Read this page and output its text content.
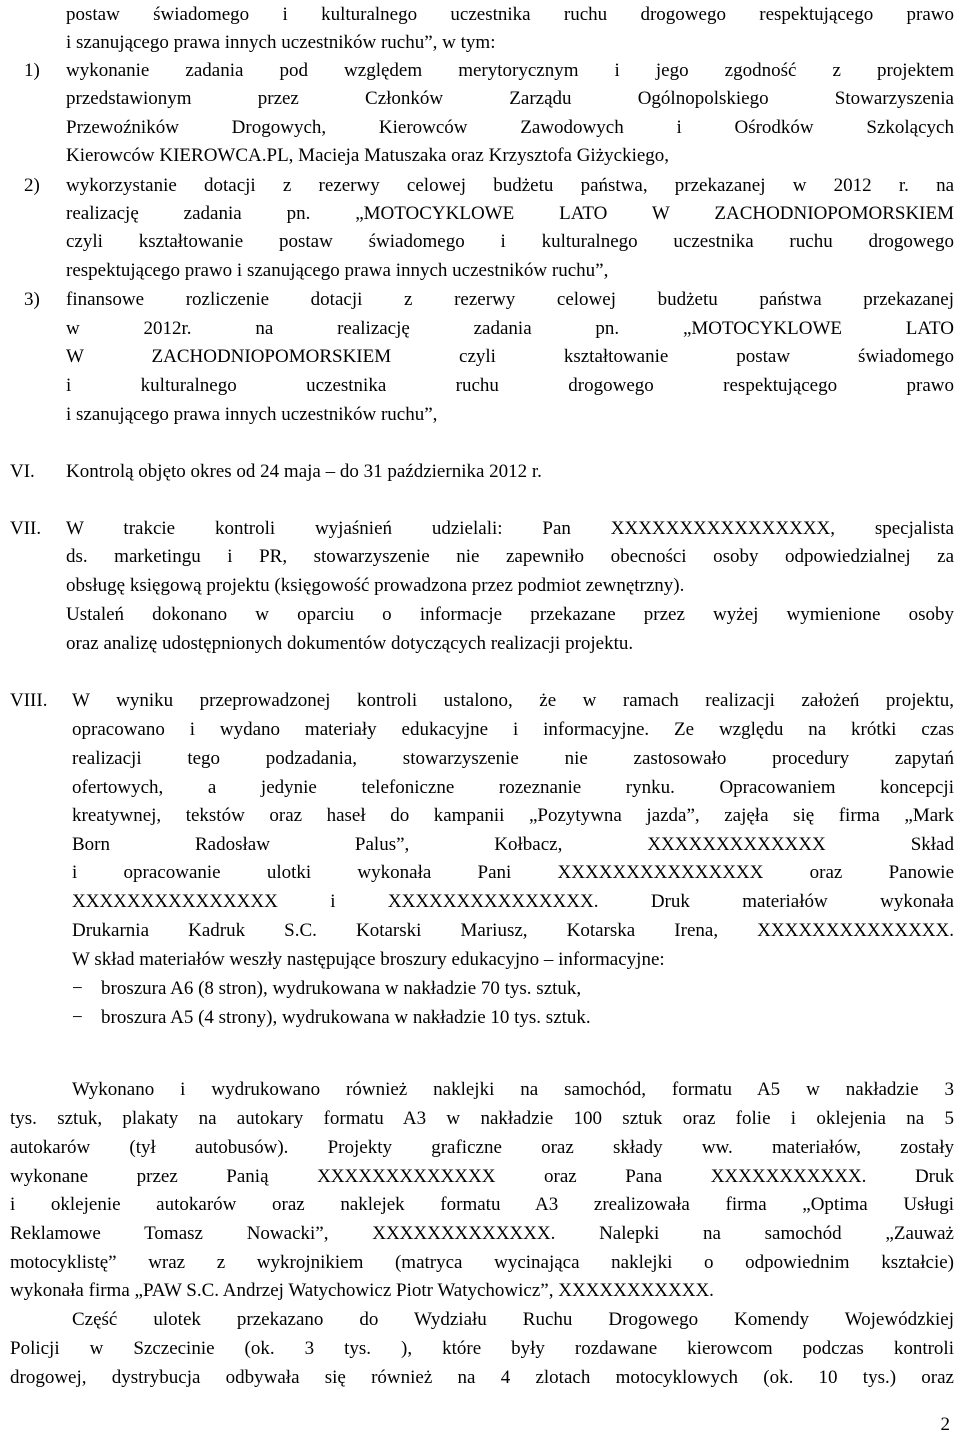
postaw świadomego i kulturalnego uczestnika ruchu drogowego respektującego prawo
i szanującego prawa innych uczestników ruchu”, w tym:
1) wykonanie zadania pod względem merytorycznym i jego zgodność z projektem
przedstawionym przez Członków Zarządu Ogólnopolskiego Stowarzyszenia
Przewoźników Drogowych, Kierowców Zawodowych i Ośrodków Szkolących
Kierowców KIEROWCA.PL, Macieja Matuszaka oraz Krzysztofa Giżyckiego,
2) wykorzystanie dotacji z rezerwy celowej budżetu państwa, przekazanej w 2012 r. na
realizację zadania pn. „MOTOCYKLOWE LATO W ZACHODNIOPOMORSKIEM
czyli kształtowanie postaw świadomego i kulturalnego uczestnika ruchu drogowego
respektującego prawo i szanującego prawa innych uczestników ruchu”,
3) finansowe rozliczenie dotacji z rezerwy celowej budżetu państwa przekazanej
w 2012r. na realizację zadania pn. „MOTOCYKLOWE LATO
W ZACHODNIOPOMORSKIEM czyli kształtowanie postaw świadomego
i kulturalnego uczestnika ruchu drogowego respektującego prawo
i szanującego prawa innych uczestników ruchu”,
VI. Kontrolą objęto okres od 24 maja – do 31 października 2012 r.
VII. W trakcie kontroli wyjaśnień udzielali: Pan XXXXXXXXXXXXXXXX, specjalista
ds. marketingu i PR, stowarzyszenie nie zapewniło obecności osoby odpowiedzialnej za
obsługę księgową projektu (księgowość prowadzona przez podmiot zewnętrzny).
Ustaleń dokonano w oparciu o informacje przekazane przez wyżej wymienione osoby
oraz analizę udostępnionych dokumentów dotyczących realizacji projektu.
VIII. W wyniku przeprowadzonej kontroli ustalono, że w ramach realizacji założeń projektu,
opracowano i wydano materiały edukacyjne i informacyjne. Ze względu na krótki czas
realizacji tego podzadania, stowarzyszenie nie zastosowało procedury zapytań
ofertowych, a jedynie telefoniczne rozeznanie rynku. Opracowaniem koncepcji
kreatywnej, tekstów oraz haseł do kampanii „Pozytywna jazda”, zajęła się firma „Mark
Born Radosław Palus”, Kołbacz, XXXXXXXXXXXXX Skład
i opracowanie ulotki wykonała Pani XXXXXXXXXXXXXXX oraz Panowie
XXXXXXXXXXXXXXX i XXXXXXXXXXXXXXX. Druk materiałów wykonała
Drukarnia Kadruk S.C. Kotarski Mariusz, Kotarska Irena, XXXXXXXXXXXXXX.
W skład materiałów weszły następujące broszury edukacyjno – informacyjne:
− broszura A6 (8 stron), wydrukowana w nakładzie 70 tys. sztuk,
− broszura A5 (4 strony), wydrukowana w nakładzie 10 tys. sztuk.
Wykonano i wydrukowano również naklejki na samochód, formatu A5 w nakładzie 3
tys. sztuk, plakaty na autokary formatu A3 w nakładzie 100 sztuk oraz folie i oklejenia na 5
autokarów (tył autobusów). Projekty graficzne oraz składy ww. materiałów, zostały
wykonane przez Panią XXXXXXXXXXXXX oraz Pana XXXXXXXXXXX. Druk
i oklejenie autokarów oraz naklejek formatu A3 zrealizowała firma „Optima Usługi
Reklamowe Tomasz Nowacki”, XXXXXXXXXXXXX. Nalepki na samochód „Zauważ
motocyklistę” wraz z wykrojnikiem (matryca wycinająca naklejki o odpowiednim kształcie)
wykonała firma „PAW S.C. Andrzej Watychowicz Piotr Watychowicz”, XXXXXXXXXXX.
Część ulotek przekazano do Wydziału Ruchu Drogowego Komendy Wojewódzkiej
Policji w Szczecinie (ok. 3 tys. ), które były rozdawane kierowcom podczas kontroli
drogowej, dystrybucja odbywała się również na 4 zlotach motocyklowych (ok. 10 tys.) oraz
2
